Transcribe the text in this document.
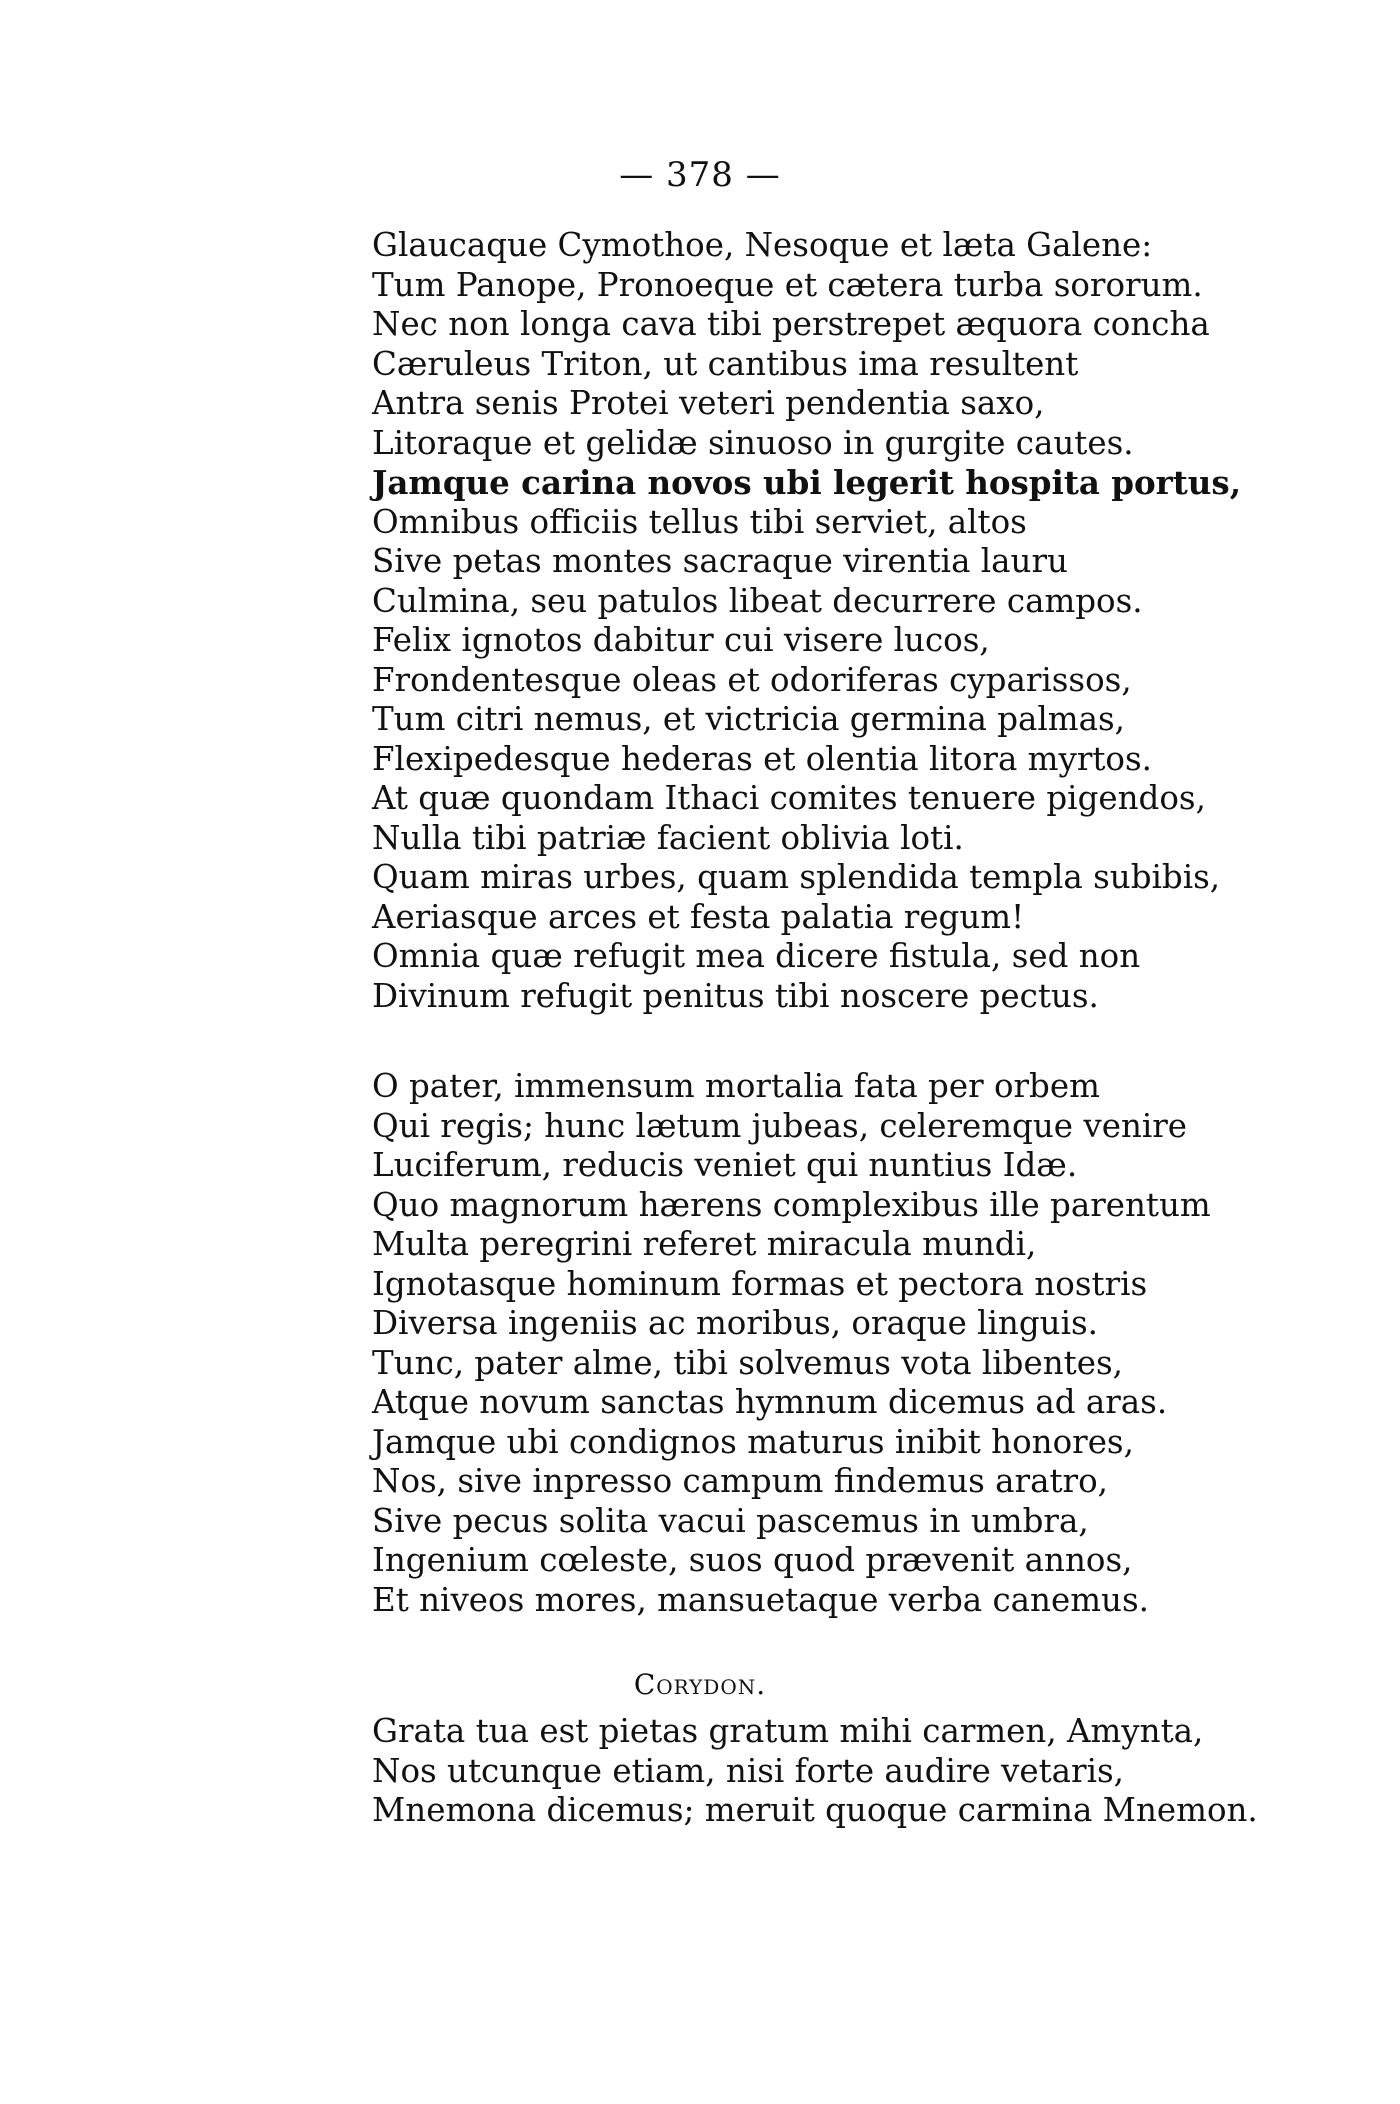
— 378 —
Glaucaque Cymothoe, Nesoque et læta Galene:
Tum Panope, Pronoeque et cætera turba sororum.
Nec non longa cava tibi perstrepet æquora concha
Cæruleus Triton, ut cantibus ima resultent
Antra senis Protei veteri pendentia saxo,
Litoraque et gelidæ sinuoso in gurgite cautes.
Jamque carina novos ubi legerit hospita portus,
Omnibus officiis tellus tibi serviet, altos
Sive petas montes sacraque virentia lauru
Culmina, seu patulos libeat decurrere campos.
Felix ignotos dabitur cui visere lucos,
Frondentesque oleas et odoriferas cyparissos,
Tum citri nemus, et victricia germina palmas,
Flexipedesque hederas et olentia litora myrtos.
At quæ quondam Ithaci comites tenuere pigendos,
Nulla tibi patriæ facient oblivia loti.
Quam miras urbes, quam splendida templa subibis,
Aeriasque arces et festa palatia regum!
Omnia quæ refugit mea dicere fistula, sed non
Divinum refugit penitus tibi noscere pectus.
O pater, immensum mortalia fata per orbem
Qui regis; hunc lætum jubeas, celeremque venire
Luciferum, reducis veniet qui nuntius Idæ.
Quo magnorum hærens complexibus ille parentum
Multa peregrini referet miracula mundi,
Ignotasque hominum formas et pectora nostris
Diversa ingeniis ac moribus, oraque linguis.
Tunc, pater alme, tibi solvemus vota libentes,
Atque novum sanctas hymnum dicemus ad aras.
Jamque ubi condignos maturus inibit honores,
Nos, sive inpresso campum findemus aratro,
Sive pecus solita vacui pascemus in umbra,
Ingenium cœleste, suos quod prævenit annos,
Et niveos mores, mansuetaque verba canemus.
Corydon.
Grata tua est pietas gratum mihi carmen, Amynta,
Nos utcunque etiam, nisi forte audire vetaris,
Mnemona dicemus; meruit quoque carmina Mnemon.
